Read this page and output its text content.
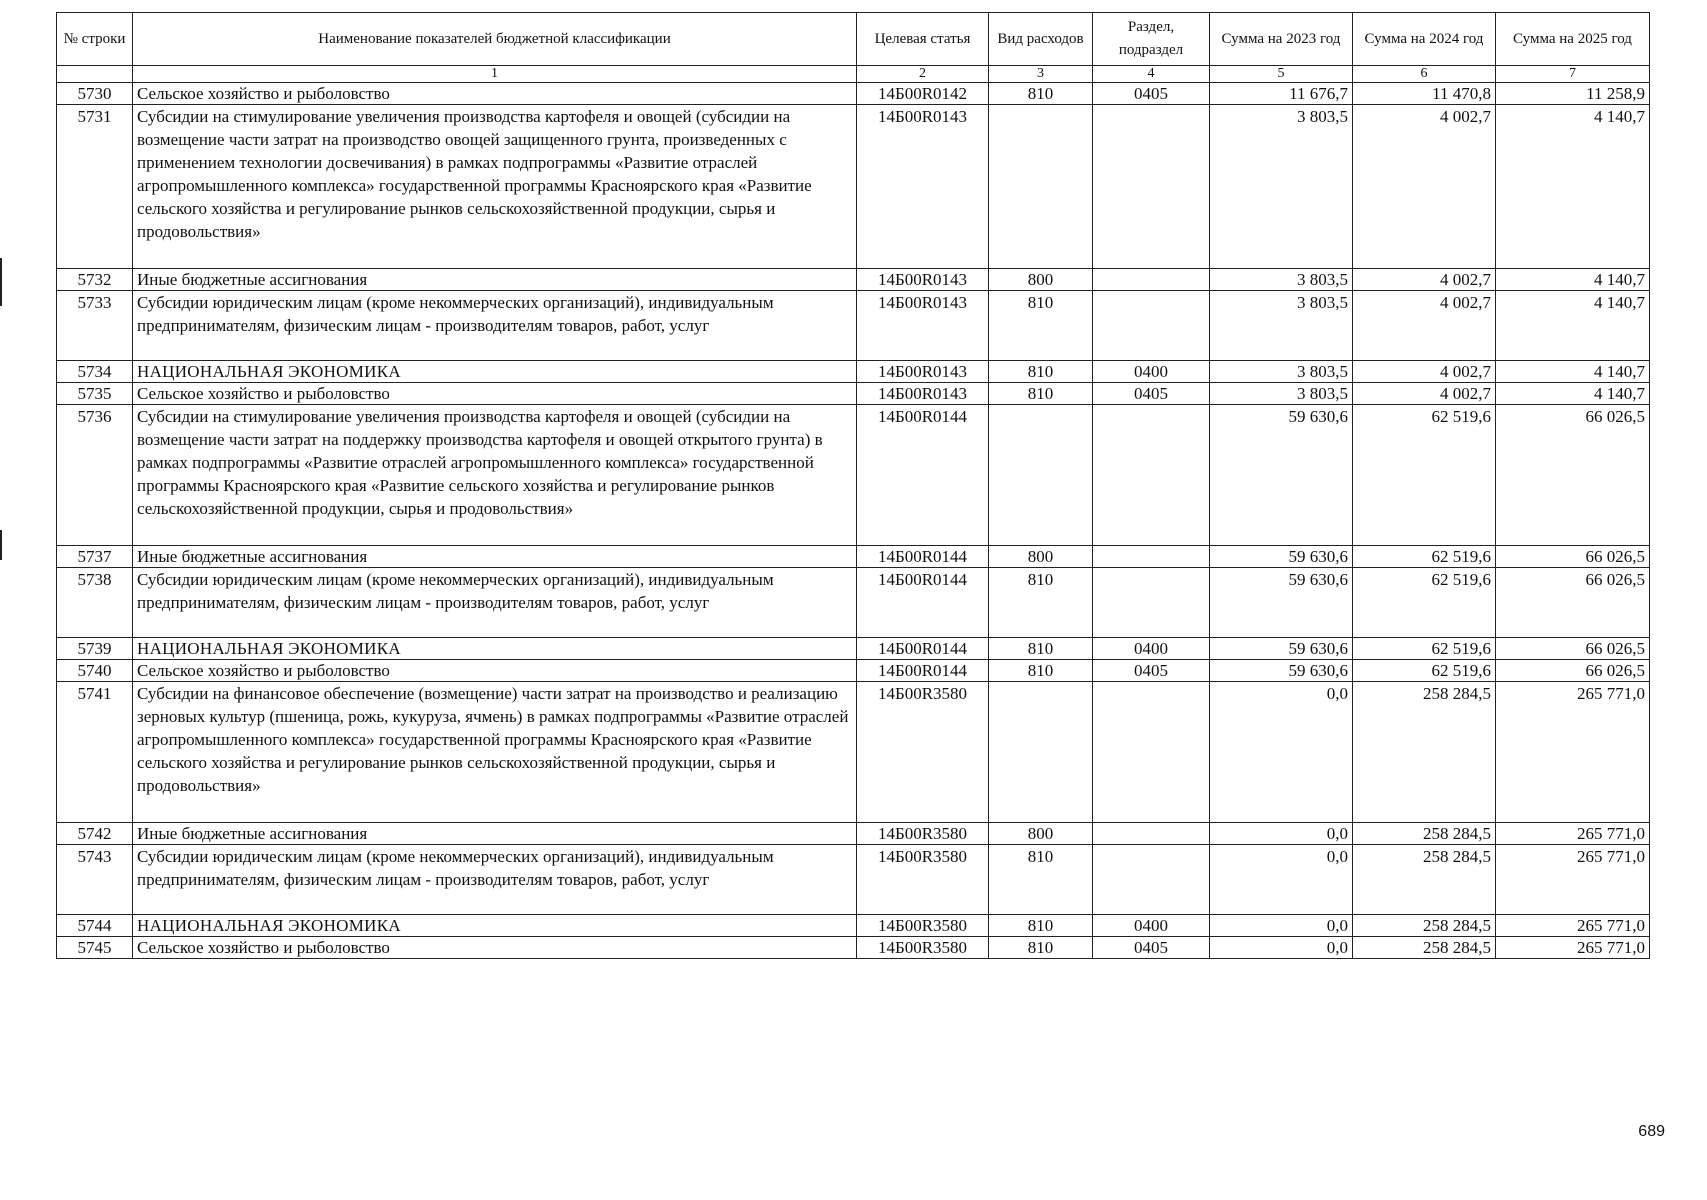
№ строки	Наименование показателей бюджетной классификации	Целевая статья	Вид расходов	Раздел, подраздел	Сумма на 2023 год	Сумма на 2024 год	Сумма на 2025 год
	1	2	3	4	5	6	7
5730	Сельское хозяйство и рыболовство	14Б00R0142	810	0405	11 676,7	11 470,8	11 258,9
5731	Субсидии на стимулирование увеличения производства картофеля и овощей (субсидии на возмещение части затрат на производство овощей защищенного грунта, произведенных с применением технологии досвечивания) в рамках подпрограммы «Развитие отраслей агропромышленного комплекса» государственной программы Красноярского края «Развитие сельского хозяйства и регулирование рынков сельскохозяйственной продукции, сырья и продовольствия»	14Б00R0143			3 803,5	4 002,7	4 140,7
5732	Иные бюджетные ассигнования	14Б00R0143	800		3 803,5	4 002,7	4 140,7
5733	Субсидии юридическим лицам (кроме некоммерческих организаций), индивидуальным предпринимателям, физическим лицам - производителям товаров, работ, услуг	14Б00R0143	810		3 803,5	4 002,7	4 140,7
5734	НАЦИОНАЛЬНАЯ ЭКОНОМИКА	14Б00R0143	810	0400	3 803,5	4 002,7	4 140,7
5735	Сельское хозяйство и рыболовство	14Б00R0143	810	0405	3 803,5	4 002,7	4 140,7
5736	Субсидии на стимулирование увеличения производства картофеля и овощей (субсидии на возмещение части затрат на поддержку производства картофеля и овощей открытого грунта) в рамках подпрограммы «Развитие отраслей агропромышленного комплекса» государственной программы Красноярского края «Развитие сельского хозяйства и регулирование рынков сельскохозяйственной продукции, сырья и продовольствия»	14Б00R0144			59 630,6	62 519,6	66 026,5
5737	Иные бюджетные ассигнования	14Б00R0144	800		59 630,6	62 519,6	66 026,5
5738	Субсидии юридическим лицам (кроме некоммерческих организаций), индивидуальным предпринимателям, физическим лицам - производителям товаров, работ, услуг	14Б00R0144	810		59 630,6	62 519,6	66 026,5
5739	НАЦИОНАЛЬНАЯ ЭКОНОМИКА	14Б00R0144	810	0400	59 630,6	62 519,6	66 026,5
5740	Сельское хозяйство и рыболовство	14Б00R0144	810	0405	59 630,6	62 519,6	66 026,5
5741	Субсидии на финансовое обеспечение (возмещение) части затрат на производство и реализацию зерновых культур (пшеница, рожь, кукуруза, ячмень) в рамках подпрограммы «Развитие отраслей агропромышленного комплекса» государственной программы Красноярского края «Развитие сельского хозяйства и регулирование рынков сельскохозяйственной продукции, сырья и продовольствия»	14Б00R3580			0,0	258 284,5	265 771,0
5742	Иные бюджетные ассигнования	14Б00R3580	800		0,0	258 284,5	265 771,0
5743	Субсидии юридическим лицам (кроме некоммерческих организаций), индивидуальным предпринимателям, физическим лицам - производителям товаров, работ, услуг	14Б00R3580	810		0,0	258 284,5	265 771,0
5744	НАЦИОНАЛЬНАЯ ЭКОНОМИКА	14Б00R3580	810	0400	0,0	258 284,5	265 771,0
5745	Сельское хозяйство и рыболовство	14Б00R3580	810	0405	0,0	258 284,5	265 771,0
689
